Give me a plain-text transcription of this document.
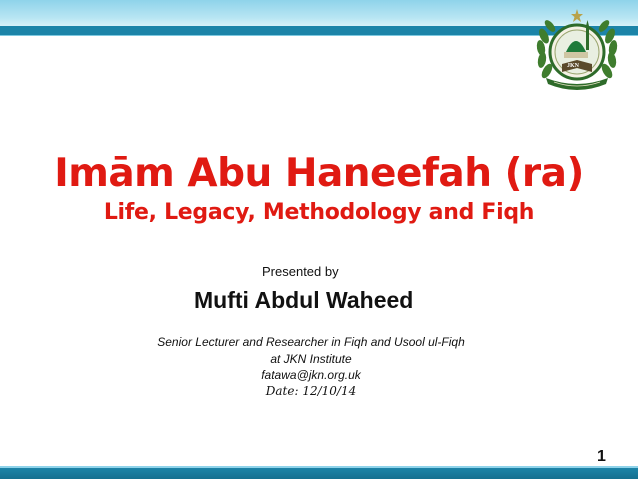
JKN
Imām Abu Haneefah (ra)
Life, Legacy, Methodology and Fiqh
Presented by
Mufti Abdul Waheed
Senior Lecturer and Researcher in Fiqh and Usool ul-Fiqh
at JKN Institute
fatawa@jkn.org.uk
Date: 12/10/14
1
